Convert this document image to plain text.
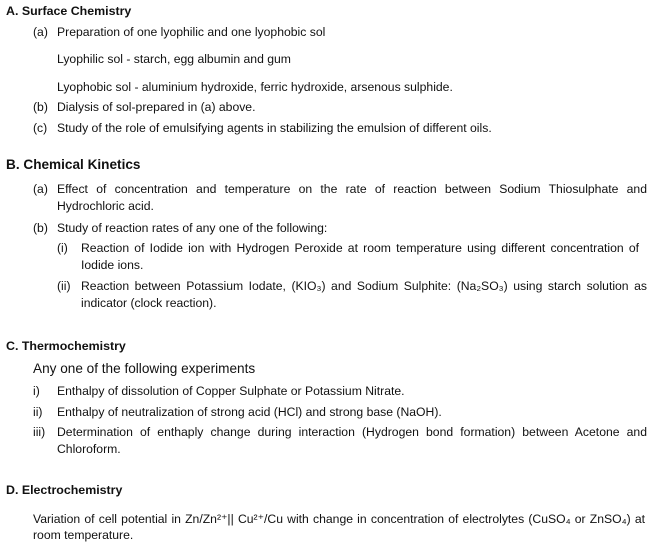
A. Surface Chemistry
(a) Preparation of one lyophilic and one lyophobic sol
Lyophilic sol - starch, egg albumin and gum
Lyophobic sol - aluminium hydroxide, ferric hydroxide, arsenous sulphide.
(b) Dialysis of sol-prepared in (a) above.
(c) Study of the role of emulsifying agents in stabilizing the emulsion of different oils.
B. Chemical Kinetics
(a) Effect of concentration and temperature on the rate of reaction between Sodium Thiosulphate and Hydrochloric acid.
(b) Study of reaction rates of any one of the following:
(i) Reaction of Iodide ion with Hydrogen Peroxide at room temperature using different concentration of Iodide ions.
(ii) Reaction between Potassium Iodate, (KIO₃) and Sodium Sulphite: (Na₂SO₃) using starch solution as indicator (clock reaction).
C. Thermochemistry
Any one of the following experiments
i) Enthalpy of dissolution of Copper Sulphate or Potassium Nitrate.
ii) Enthalpy of neutralization of strong acid (HCl) and strong base (NaOH).
iii) Determination of enthaply change during interaction (Hydrogen bond formation) between Acetone and Chloroform.
D. Electrochemistry
Variation of cell potential in Zn/Zn²⁺|| Cu²⁺/Cu with change in concentration of electrolytes (CuSO₄ or ZnSO₄) at room temperature.
